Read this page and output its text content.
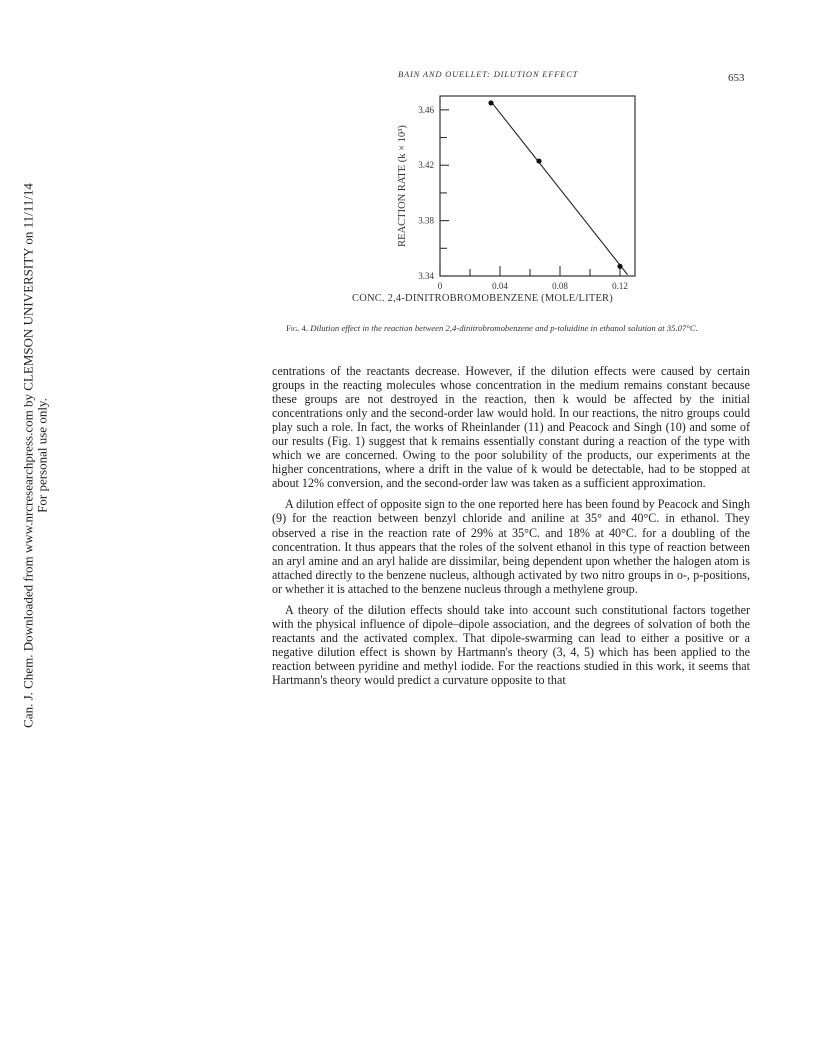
Can. J. Chem. Downloaded from www.nrcresearchpress.com by CLEMSON UNIVERSITY on 11/11/14
For personal use only.
BAIN AND OUELLET: DILUTION EFFECT	653
3.34
3.38
3.42
3.46
0	0.04	0.08	0.12
REACTION RATE (k × 10³)
CONC. 2,4-DINITROBROMOBENZENE (MOLE/LITER)
Fig. 4. Dilution effect in the reaction between 2,4-dinitrobromobenzene and p-toluidine in ethanol solution at 35.07°C.

centrations of the reactants decrease. However, if the dilution effects were caused by certain groups in the reacting molecules whose concentration in the medium remains constant because these groups are not destroyed in the reaction, then k would be affected by the initial concentrations only and the second-order law would hold. In our reactions, the nitro groups could play such a role. In fact, the works of Rheinlander (11) and Peacock and Singh (10) and some of our results (Fig. 1) suggest that k remains essentially constant during a reaction of the type with which we are concerned. Owing to the poor solubility of the products, our experiments at the higher concentrations, where a drift in the value of k would be detectable, had to be stopped at about 12% conversion, and the second-order law was taken as a sufficient approximation.

A dilution effect of opposite sign to the one reported here has been found by Peacock and Singh (9) for the reaction between benzyl chloride and aniline at 35° and 40°C. in ethanol. They observed a rise in the reaction rate of 29% at 35°C. and 18% at 40°C. for a doubling of the concentration. It thus appears that the roles of the solvent ethanol in this type of reaction between an aryl amine and an aryl halide are dissimilar, being dependent upon whether the halogen atom is attached directly to the benzene nucleus, although activated by two nitro groups in o-, p-positions, or whether it is attached to the benzene nucleus through a methylene group.

A theory of the dilution effects should take into account such constitutional factors together with the physical influence of dipole–dipole association, and the degrees of solvation of both the reactants and the activated complex. That dipole-swarming can lead to either a positive or a negative dilution effect is shown by Hartmann's theory (3, 4, 5) which has been applied to the reaction between pyridine and methyl iodide. For the reactions studied in this work, it seems that Hartmann's theory would predict a curvature opposite to that
